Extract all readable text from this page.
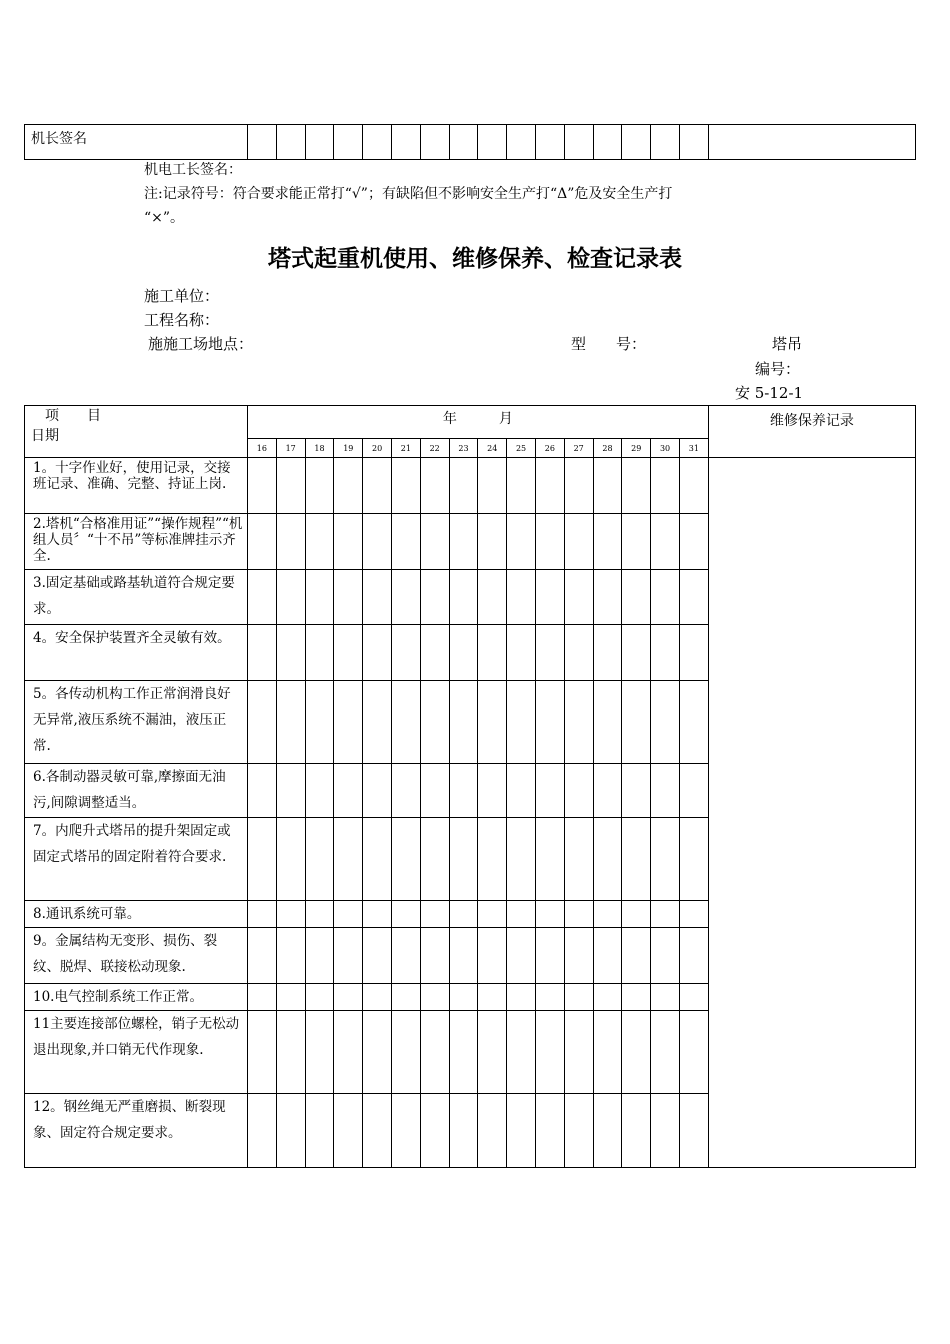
机长签名																	
机电工长签名：
注:记录符号：符合要求能正常打“√”；有缺陷但不影响安全生产打“Δ”危及安全生产打
“×”。
塔式起重机使用、维修保养、检查记录表
施工单位：
工程名称：
施施工场地点：	型　　号：	塔吊
编号：
安 5-12-1
项　　目
日期	年　　　月																维修保养记录
	16	17	18	19	20	21	22	23	24	25	26	27	28	29	30	31	
1。十字作业好，使用记录，交接班记录、准确、完整、持证上岗.																	
2.塔机“合格准用证”“操作规程”“机组人员〞“十不吊”等标准牌挂示齐全.																	
3.固定基础或路基轨道符合规定要求。																	
4。安全保护装置齐全灵敏有效。																	
5。各传动机构工作正常润滑良好无异常,液压系统不漏油，液压正常.																	
6.各制动器灵敏可靠,摩擦面无油污,间隙调整适当。																	
7。内爬升式塔吊的提升架固定或固定式塔吊的固定附着符合要求.																	
8.通讯系统可靠。																	
9。金属结构无变形、损伤、裂纹、脱焊、联接松动现象.																	
10.电气控制系统工作正常。																	
11主要连接部位螺栓，销子无松动退出现象,并口销无代作现象.																	
12。钢丝绳无严重磨损、断裂现象、固定符合规定要求。																	
